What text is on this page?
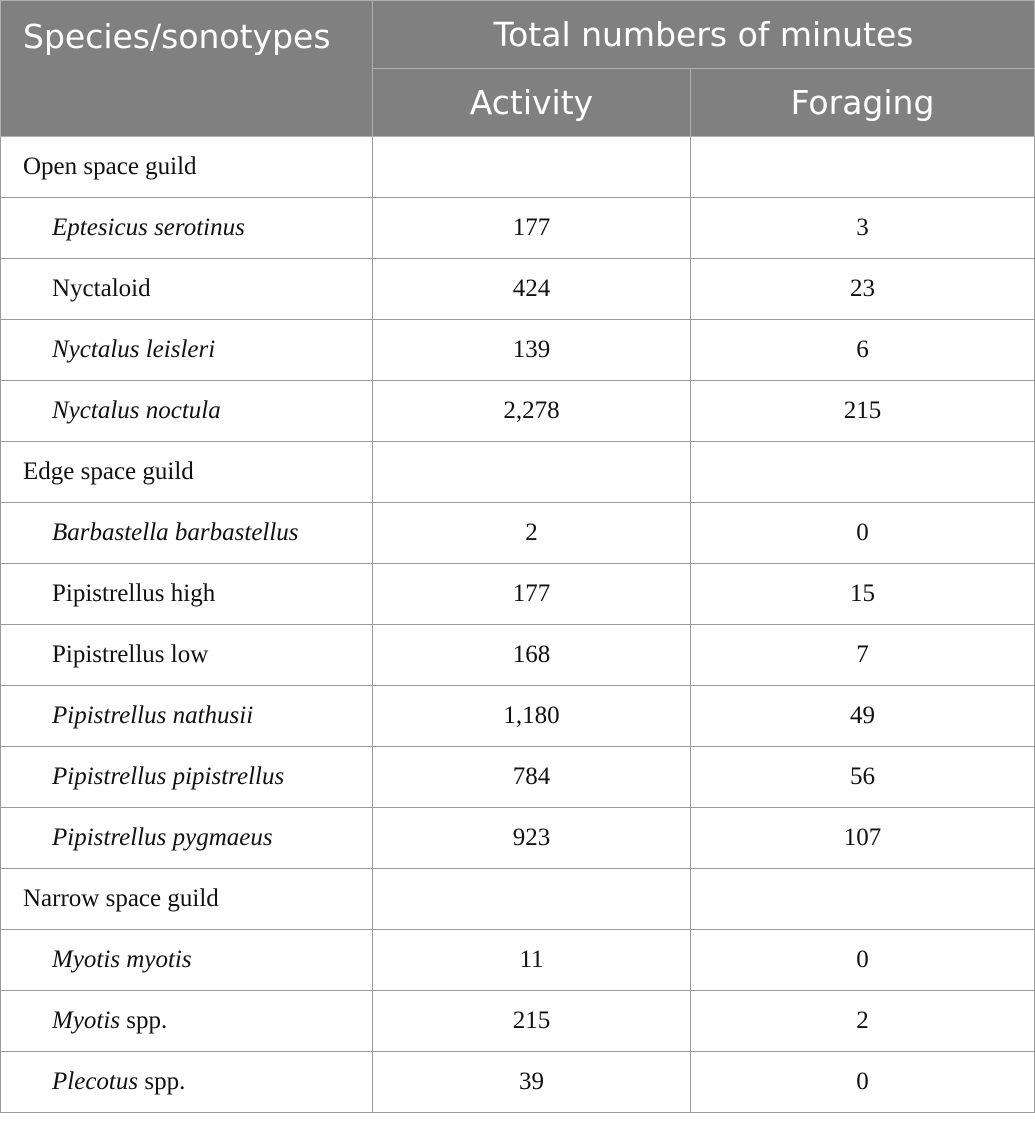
Species/sonotypes	Total numbers of minutes	
	Activity	Foraging
Open space guild		
Eptesicus serotinus	177	3
Nyctaloid	424	23
Nyctalus leisleri	139	6
Nyctalus noctula	2,278	215
Edge space guild		
Barbastella barbastellus	2	0
Pipistrellus high	177	15
Pipistrellus low	168	7
Pipistrellus nathusii	1,180	49
Pipistrellus pipistrellus	784	56
Pipistrellus pygmaeus	923	107
Narrow space guild		
Myotis myotis	11	0
Myotis spp.	215	2
Plecotus spp.	39	0
